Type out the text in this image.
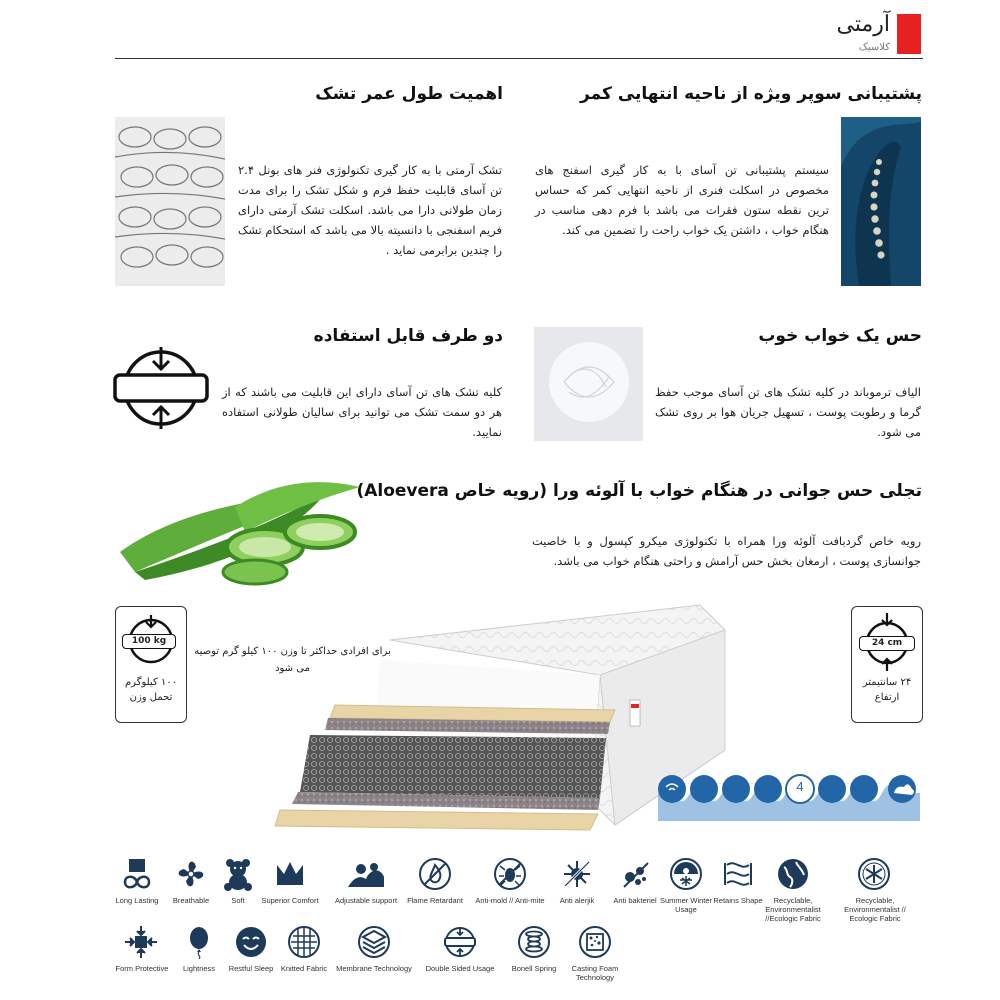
آرمتی
کلاسیک
پشتیبانی سوپر ویژه از ناحیه انتهایی کمر
سیستم پشتیبانی تن آسای با به کار گیری اسفنج های مخصوص در اسکلت فنری از ناحیه انتهایی کمر که حساس ترین نقطه ستون فقرات می باشد با فرم دهی مناسب در هنگام خواب ، داشتن یک خواب راحت را تضمین می کند.
اهمیت طول عمر تشک
تشک آرمتی با به کار گیری تکنولوژی فنر های بونل ۲.۴ تن آسای قابلیت حفظ فرم و شکل تشک را برای مدت زمان طولانی دارا می باشد. اسکلت تشک آرمتی دارای فریم اسفنجی با دانسیته بالا می باشد که استحکام تشک را چندین برابرمی نماید .
حس یک خواب خوب
الیاف ترموباند در کلیه تشک های تن آسای موجب حفظ گرما و رطوبت پوست ، تسهیل جریان هوا بر روی تشک می شود.
دو طرف قابل استفاده
کلیه تشک های تن آسای دارای این قابلیت می باشند که از هر دو سمت تشک می توانید برای سالیان طولانی استفاده نمایید.
تجلی حس جوانی در هنگام خواب با آلوئه ورا (رویه خاص Aloevera)
رویه خاص گردبافت آلوئه ورا همراه با تکنولوژی میکرو کپسول و با خاصیت جوانسازی پوست ، ارمغان بخش حس آرامش و راحتی هنگام خواب می باشد.
100 kg
۱۰۰ کیلوگرم تحمل وزن
برای افرادی حداکثر تا وزن ۱۰۰ کیلو گرم توصیه می شود
24 cm
۲۴ سانتیمتر ارتفاع
4
Long Lasting	Breathable	Soft	Superior Comfort	Adjustable support	Flame Retardant	Anti-mold // Anti-mite	Anti alerjik	Anti bakteriel Summer Winter Usage
Retains Shape	Recyclable, Environmentalist //Ecologic Fabric
Recyclable, Environmentalist // Ecologic Fabric
Form Protective	Lightness	Restful Sleep	Knitted Fabric	Membrane Technology	Double Sided Usage	Bonell Spring	Casting Foam Technology
